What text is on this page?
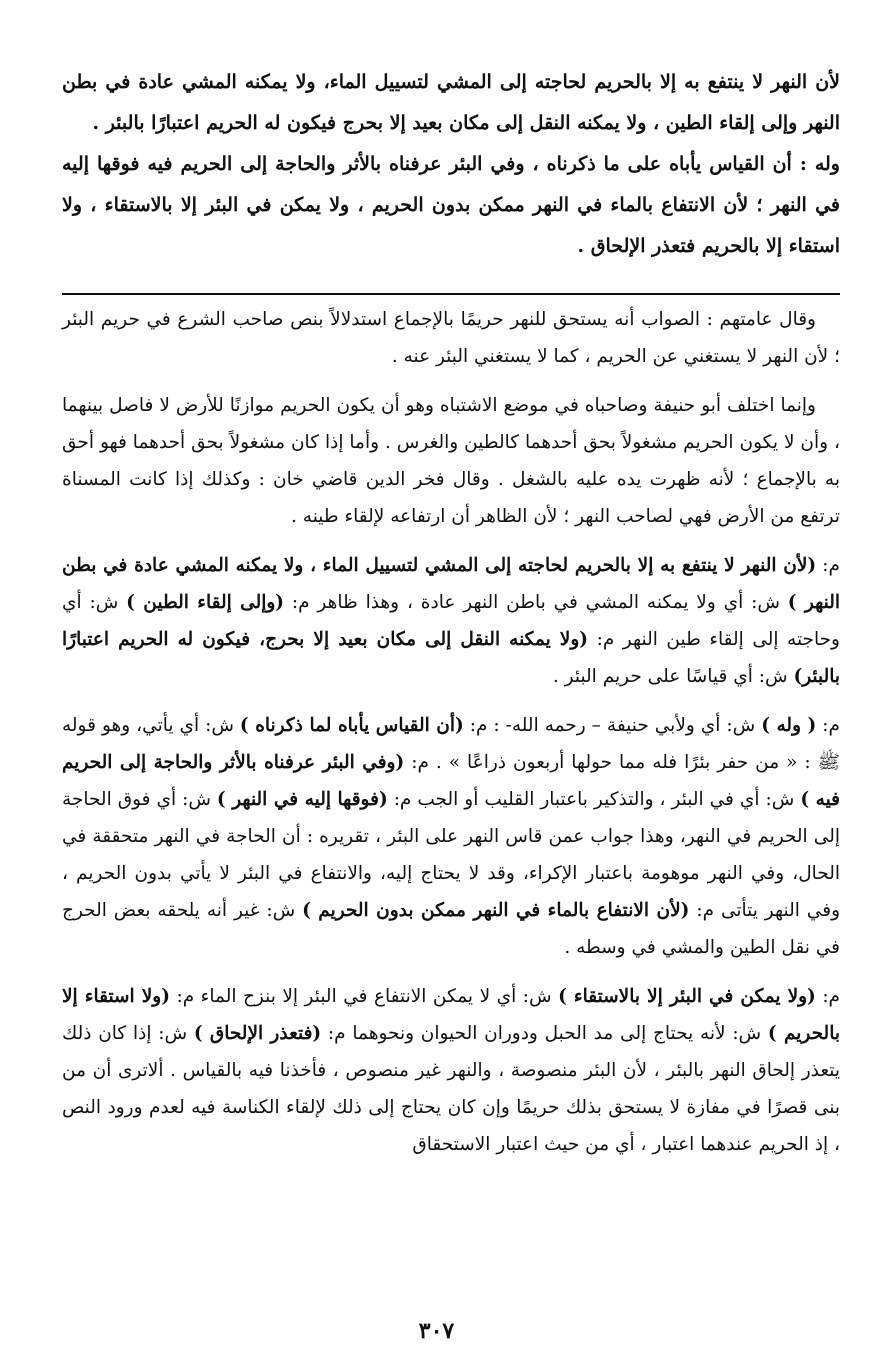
لأن النهر لا ينتفع به إلا بالحريم لحاجته إلى المشي لتسييل الماء، ولا يمكنه المشي عادة في بطن النهر وإلى إلقاء الطين ، ولا يمكنه النقل إلى مكان بعيد إلا بحرج فيكون له الحريم اعتبارًا بالبئر .

وله : أن القياس يأباه على ما ذكرناه ، وفي البئر عرفناه بالأثر والحاجة إلى الحريم فيه فوقها إليه في النهر ؛ لأن الانتفاع بالماء في النهر ممكن بدون الحريم ، ولا يمكن في البئر إلا بالاستقاء ، ولا استقاء إلا بالحريم فتعذر الإلحاق .

وقال عامتهم : الصواب أنه يستحق للنهر حريمًا بالإجماع استدلالاً بنص صاحب الشرع في حريم البئر ؛ لأن النهر لا يستغني عن الحريم ، كما لا يستغني البئر عنه .

وإنما اختلف أبو حنيفة وصاحباه في موضع الاشتباه وهو أن يكون الحريم موازنًا للأرض لا فاصل بينهما ، وأن لا يكون الحريم مشغولاً بحق أحدهما كالطين والغرس . وأما إذا كان مشغولاً بحق أحدهما فهو أحق به بالإجماع ؛ لأنه ظهرت يده عليه بالشغل . وقال فخر الدين قاضي خان : وكذلك إذا كانت المسناة ترتفع من الأرض فهي لصاحب النهر ؛ لأن الظاهر أن ارتفاعه لإلقاء طينه .

م: (لأن النهر لا ينتفع به إلا بالحريم لحاجته إلى المشي لتسييل الماء ، ولا يمكنه المشي عادة في بطن النهر ) ش: أي ولا يمكنه المشي في باطن النهر عادة ، وهذا ظاهر م: (وإلى إلقاء الطين ) ش: أي وحاجته إلى إلقاء طين النهر م: (ولا يمكنه النقل إلى مكان بعيد إلا بحرج، فيكون له الحريم اعتبارًا بالبئر) ش: أي قياسًا على حريم البئر .

م: ( وله ) ش: أي ولأبي حنيفة – رحمه الله- : م: (أن القياس يأباه لما ذكرناه ) ش: أي يأتي، وهو قوله ﷺ : « من حفر بئرًا فله مما حولها أربعون ذراعًا » . م: (وفي البئر عرفناه بالأثر والحاجة إلى الحريم فيه ) ش: أي في البئر ، والتذكير باعتبار القليب أو الجب م: (فوقها إليه في النهر ) ش: أي فوق الحاجة إلى الحريم في النهر، وهذا جواب عمن قاس النهر على البئر ، تقريره : أن الحاجة في النهر متحققة في الحال، وفي النهر موهومة باعتبار الإكراء، وقد لا يحتاج إليه، والانتفاع في البئر لا يأتي بدون الحريم ، وفي النهر يتأتى م: (لأن الانتفاع بالماء في النهر ممكن بدون الحريم ) ش: غير أنه يلحقه بعض الحرج في نقل الطين والمشي في وسطه .

م: (ولا يمكن في البئر إلا بالاستقاء ) ش: أي لا يمكن الانتفاع في البئر إلا بنزح الماء م: (ولا استقاء إلا بالحريم ) ش: لأنه يحتاج إلى مد الحبل ودوران الحيوان ونحوهما م: (فتعذر الإلحاق ) ش: إذا كان ذلك يتعذر إلحاق النهر بالبئر ، لأن البئر منصوصة ، والنهر غير منصوص ، فأخذنا فيه بالقياس . ألاترى أن من بنى قصرًا في مفازة لا يستحق بذلك حريمًا وإن كان يحتاج إلى ذلك لإلقاء الكناسة فيه لعدم ورود النص ، إذ الحريم عندهما اعتبار ، أي من حيث اعتبار الاستحقاق

٣٠٧
